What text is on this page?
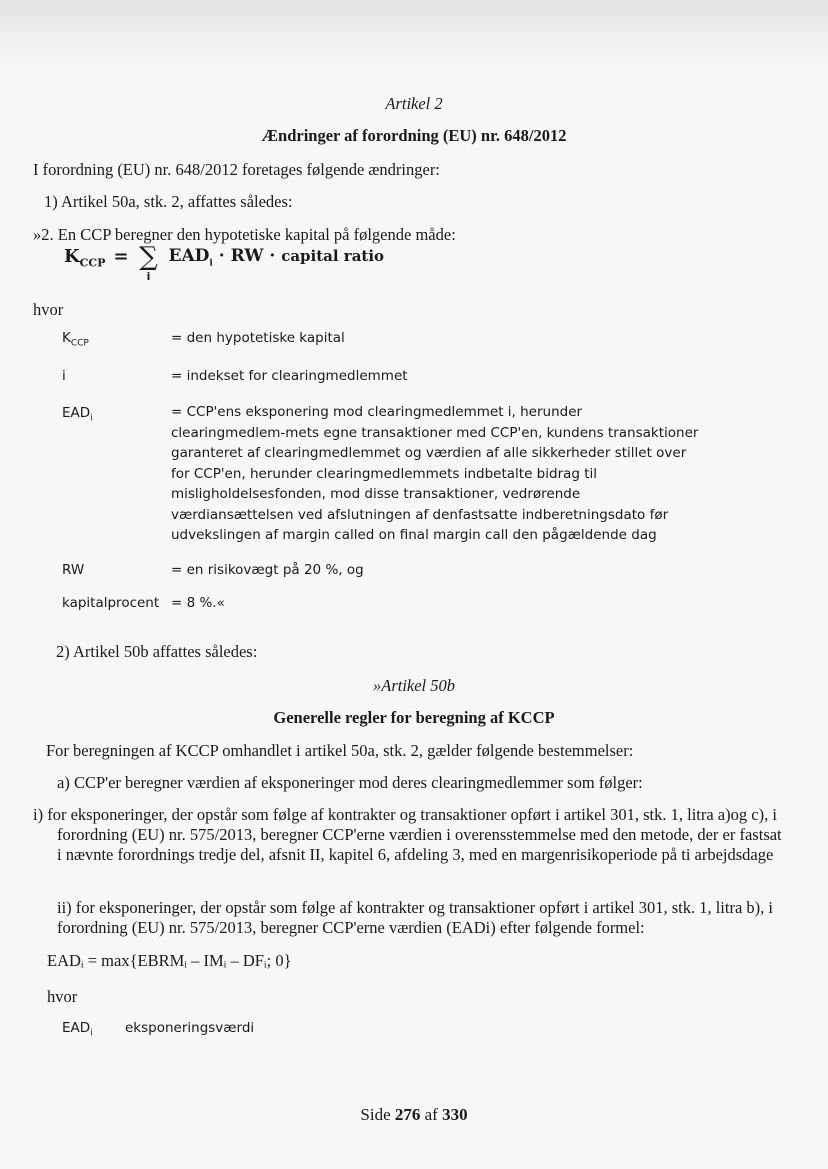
Artikel 2
Ændringer af forordning (EU) nr. 648/2012
I forordning (EU) nr. 648/2012 foretages følgende ændringer:
1) Artikel 50a, stk. 2, affattes således:
»2. En CCP beregner den hypotetiske kapital på følgende måde:
$K_{CCP}$ = ∑
i
$EAD_i$ · RW · capital ratio
hvor
$K_{CCP}$	= den hypotetiske kapital
i	= indekset for clearingmedlemmet
$EAD_i$	= CCP'ens eksponering mod clearingmedlemmet i, herunder clearingmedlem-mets egne transaktioner med CCP'en, kundens transaktioner garanteret af clearingmedlemmet og værdien af alle sikkerheder stillet over for CCP'en, herunder clearingmedlemmets indbetalte bidrag til misligholdelsesfonden, mod disse transaktioner, vedrørende værdiansættelsen ved afslutningen af denfastsatte indberetningsdato før udvekslingen af margin called on final margin call den pågældende dag
RW	= en risikovægt på 20 %, og
kapitalprocent = 8 %.«
2) Artikel 50b affattes således:
»Artikel 50b
Generelle regler for beregning af KCCP
For beregningen af KCCP omhandlet i artikel 50a, stk. 2, gælder følgende bestemmelser:
a) CCP'er beregner værdien af eksponeringer mod deres clearingmedlemmer som følger:
i) for eksponeringer, der opstår som følge af kontrakter og transaktioner opført i artikel 301, stk. 1, litra a)og c), i forordning (EU) nr. 575/2013, beregner CCP'erne værdien i overensstemmelse med den metode, der er fastsat i nævnte forordnings tredje del, afsnit II, kapitel 6, afdeling 3, med en margenrisikoperiode på ti arbejdsdage
ii) for eksponeringer, der opstår som følge af kontrakter og transaktioner opført i artikel 301, stk. 1, litra b), i forordning (EU) nr. 575/2013, beregner CCP'erne værdien (EADi) efter følgende formel:
EADᵢ = max{EBRMᵢ – IMᵢ – DFᵢ; 0}
hvor
$EAD_i$ eksponeringsværdi
Side 276 af 330
